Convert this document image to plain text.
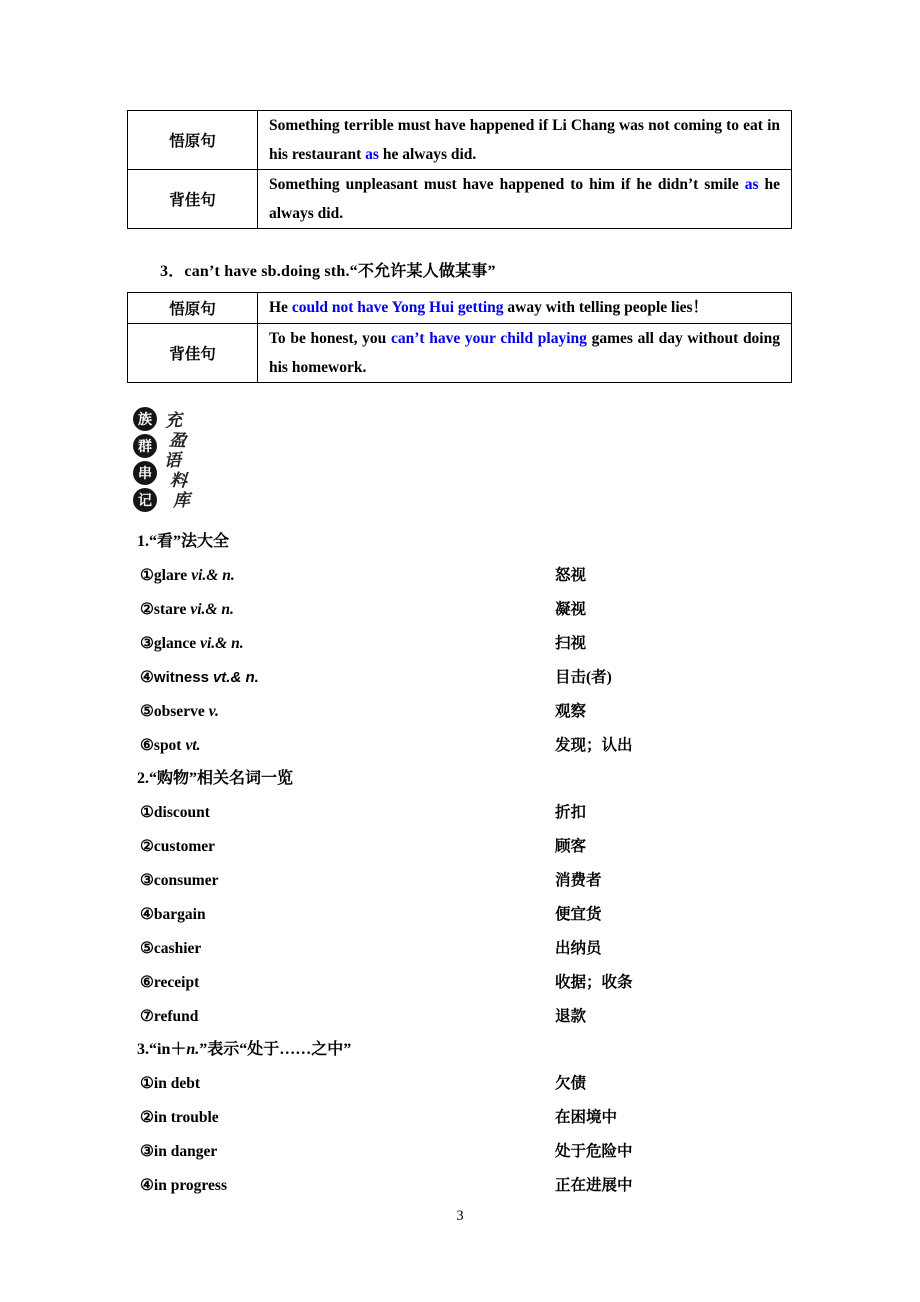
悟原句	Something terrible must have happened if Li Chang was not coming to eat in his restaurant as he always did.
背佳句	Something unpleasant must have happened to him if he didn’t smile as he always did.
3．can’t have sb.doing sth.“不允许某人做某事”
悟原句	He could not have Yong Hui getting away with telling people lies！
背佳句	To be honest, you can’t have your child playing games all day without doing his homework.
族
群
串
记
充
盈
语
料
库
1.“看”法大全
①glare vi.& n.	怒视
②stare vi.& n.	凝视
③glance vi.& n.	扫视
④witness vt.& n.	目击(者)
⑤observe v.	观察
⑥spot vt.	发现；认出
2.“购物”相关名词一览
①discount	折扣
②customer	顾客
③consumer	消费者
④bargain	便宜货
⑤cashier	出纳员
⑥receipt	收据；收条
⑦refund	退款
3.“in＋n.”表示“处于……之中”
①in debt	欠债
②in trouble	在困境中
③in danger	处于危险中
④in progress	正在进展中
3
